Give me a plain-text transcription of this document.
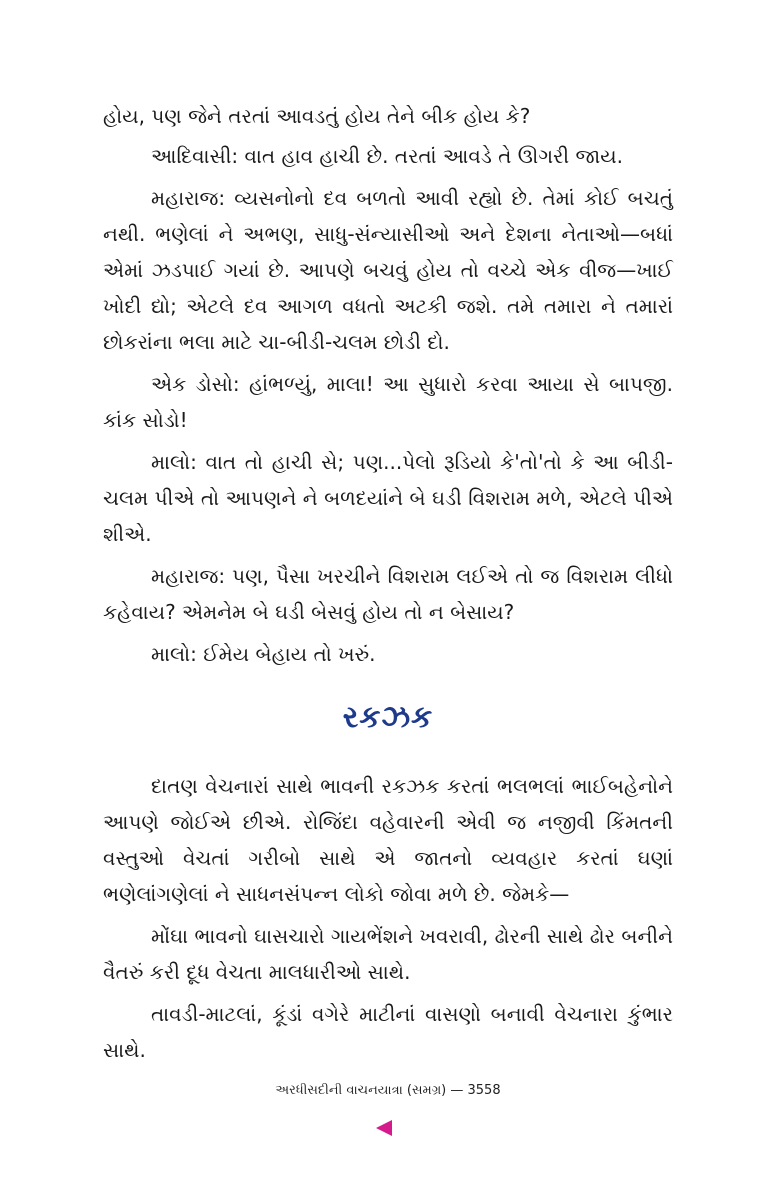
હોય, પણ જેને તરતાં આવડતું હોય તેને બીક હોય કે?
આદિવાસી: વાત હાવ હાચી છે. તરતાં આવડે તે ઊગરી જાય.
મહારાજ: વ્યસનોનો દવ બળતો આવી રહ્યો છે. તેમાં કોઈ બચતું નથી. ભણેલાં ને અભણ, સાધુ-સંન્યાસીઓ અને દેશના નેતાઓ—બધાં એમાં ઝડપાઈ ગયાં છે. આપણે બચવું હોય તો વચ્ચે એક વીજ—ખાઈ ખોદી દ્યો; એટલે દવ આગળ વધતો અટકી જશે. તમે તમારા ને તમારાં છોકરાંના ભલા માટે ચા-બીડી-ચલમ છોડી દો.
એક ડોસો: હાંભળ્યું, માલા! આ સુધારો કરવા આયા સે બાપજી. કાંક સોડો!
માલો: વાત તો હાચી સે; પણ...પેલો રૂડિયો કે'તો'તો કે આ બીડી-ચલમ પીએ તો આપણને ને બળદયાંને બે ઘડી વિશરામ મળે, એટલે પીએ શીએ.
મહારાજ: પણ, પૈસા ખરચીને વિશરામ લઈએ તો જ વિશરામ લીધો કહેવાય? એમનેમ બે ઘડી બેસવું હોય તો ન બેસાય?
માલો: ઈમેય બેહાય તો ખરું.
રકઝક
દાતણ વેચનારાં સાથે ભાવની રકઝક કરતાં ભલભલાં ભાઈબહેનોને આપણે જોઈએ છીએ. રોજિંદા વહેવારની એવી જ નજીવી કિંમતની વસ્તુઓ વેચતાં ગરીબો સાથે એ જાતનો વ્યવહાર કરતાં ઘણાં ભણેલાંગણેલાં ને સાધનસંપન્ન લોકો જોવા મળે છે. જેમકે—
મોંઘા ભાવનો ઘાસચારો ગાયભેંશને ખવરાવી, ઢોરની સાથે ઢોર બનીને વૈતરું કરી દૂધ વેચતા માલધારીઓ સાથે.
તાવડી-માટલાં, કૂંડાં વગેરે માટીનાં વાસણો બનાવી વેચનારા કુંભાર સાથે.
અરધીસદીની વાચનયાત્રા (સમગ્ર) — 3558
